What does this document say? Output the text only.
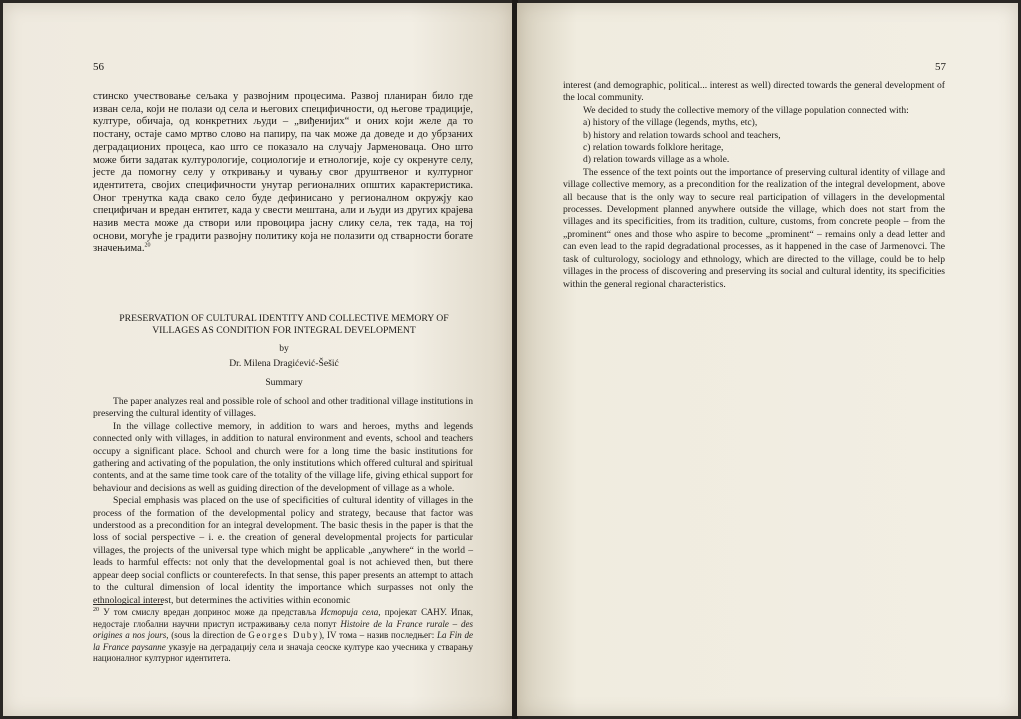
56

стинско учествовање сељака у развојним процесима. Развој планиран било где изван села, који не полази од села и његових специфичности, од његове традиције, културе, обичаја, од конкретних људи – „виђенијих“ и оних који желе да то постану, остаје само мртво слово на папиру, па чак може да доведе и до убрзаних деградационих процеса, као што се показало на случају Јармeновaца. Оно што може бити задатак културологије, социологије и етнологије, које су окренуте селу, јесте да помогну селу у откривању и чувању свог друштвеног и културног идентитета, својих специфичности унутар регионалних општих карактеристика. Оног тренутка када свако село буде дефинисано у регионалном окружју као специфичан и вредан ентитет, када у свести мештана, али и људи из других крајева назив места може да створи или провоцира јасну слику села, тек тада, на тој основи, могуће је градити развојну политику која не полазити од стварности богате значењима.$^{20}$

PRESERVATION OF CULTURAL IDENTITY AND COLLECTIVE MEMORY OF VILLAGES AS CONDITION FOR INTEGRAL DEVELOPMENT
by
Dr. Milena Dragićević-Šešić
Summary

The paper analyzes real and possible role of school and other traditional village institutions in preserving the cultural identity of villages.

In the village collective memory, in addition to wars and heroes, myths and legends connected only with villages, in addition to natural environment and events, school and teachers occupy a significant place. School and church were for a long time the basic institutions for gathering and activating of the population, the only institutions which offered cultural and spiritual contents, and at the same time took care of the totality of the village life, giving ethical support for behaviour and decisions as well as guiding direction of the development of village as a whole.

Special emphasis was placed on the use of specificities of cultural identity of villages in the process of the formation of the developmental policy and strategy, because that factor was understood as a precondition for an integral development. The basic thesis in the paper is that the loss of social perspective – i. e. the creation of general developmental projects for particular villages, the projects of the universal type which might be applicable „anywhere“ in the world – leads to harmful effects: not only that the developmental goal is not achieved then, but there appear deep social conflicts or counterefects. In that sense, this paper presents an attempt to attach to the cultural dimension of local identity the importance which surpasses not only the ethnological interest, but determines the activities within economic

$^{20}$ У том смислу вредан допринос може да представља Историја села, пројекат САНУ. Ипак, недостаје глобални научни приступ истраживању села попут Histoire de la France rurale – des origines a nos jours, (sous la direction de Georges Duby), IV тома – назив последњег: La Fin de la France paysanne указује на деградацију села и значаја сеоске културе као учесника у стварању националног културног идентитета.

57

interest (and demographic, political... interest as well) directed towards the general development of the local community.

We decided to study the collective memory of the village population connected with:

a) history of the village (legends, myths, etc),

b) history and relation towards school and teachers,

c) relation towards folklore heritage,

d) relation towards village as a whole.

The essence of the text points out the importance of preserving cultural identity of village and village collective memory, as a precondition for the realization of the integral development, above all because that is the only way to secure real participation of villagers in the developmental processes. Development planned anywhere outside the village, which does not start from the villages and its specificities, from its tradition, culture, customs, from concrete people – from the „prominent“ ones and those who aspire to become „prominent“ – remains only a dead letter and can even lead to the rapid degradational processes, as it happened in the case of Jarmenovci. The task of culturology, sociology and ethnology, which are directed to the village, could be to help villages in the process of discovering and preserving its social and cultural identity, its specificities within the general regional characteristics.
